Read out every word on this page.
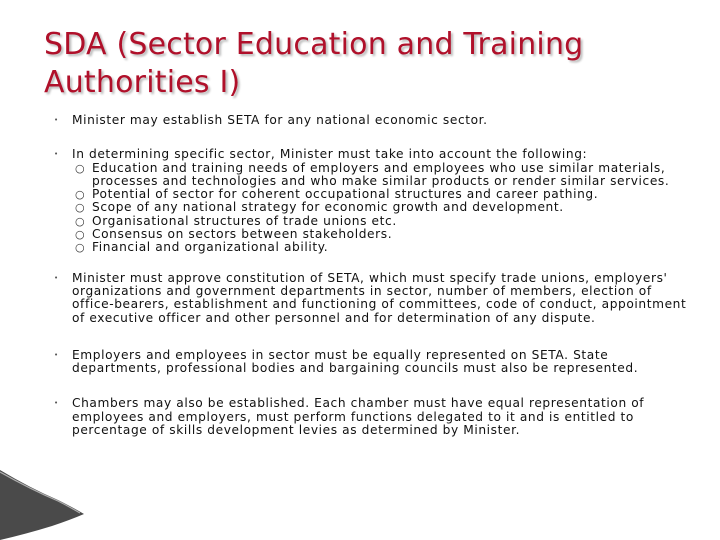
SDA (Sector Education and Training Authorities I)
• Minister may establish SETA for any national economic sector.
• In determining specific sector, Minister must take into account the following:
○ Education and training needs of employers and employees who use similar materials, processes and technologies and who make similar products or render similar services.
○ Potential of sector for coherent occupational structures and career pathing.
○ Scope of any national strategy for economic growth and development.
○ Organisational structures of trade unions etc.
○ Consensus on sectors between stakeholders.
○ Financial and organizational ability.
• Minister must approve constitution of SETA, which must specify trade unions, employers' organizations and government departments in sector, number of members, election of office-bearers, establishment and functioning of committees, code of conduct, appointment of executive officer and other personnel and for determination of any dispute.
• Employers and employees in sector must be equally represented on SETA. State departments, professional bodies and bargaining councils must also be represented.
• Chambers may also be established. Each chamber must have equal representation of employees and employers, must perform functions delegated to it and is entitled to percentage of skills development levies as determined by Minister.
